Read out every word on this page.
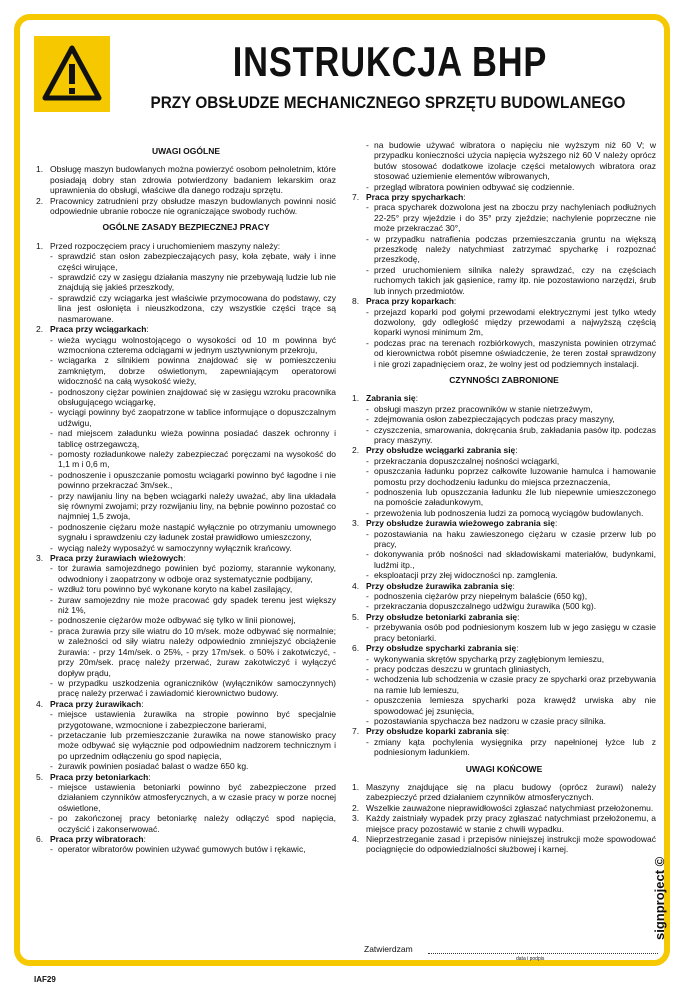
INSTRUKCJA BHP
PRZY OBSŁUDZE MECHANICZNEGO SPRZĘTU BUDOWLANEGO
UWAGI OGÓLNE
1. Obsługę maszyn budowlanych można powierzyć osobom pełnoletnim, które posiadają dobry stan zdrowia potwierdzony badaniem lekarskim oraz uprawnienia do obsługi, właściwe dla danego rodzaju sprzętu.
2. Pracownicy zatrudnieni przy obsłudze maszyn budowlanych powinni nosić odpowiednie ubranie robocze nie ograniczające swobody ruchów.
OGÓLNE ZASADY BEZPIECZNEJ PRACY
1. Przed rozpoczęciem pracy i uruchomieniem maszyny należy:
- sprawdzić stan osłon zabezpieczających pasy, koła zębate, wały i inne części wirujące,
- sprawdzić czy w zasięgu działania maszyny nie przebywają ludzie lub nie znajdują się jakieś przeszkody,
- sprawdzić czy wciągarka jest właściwie przymocowana do podstawy, czy lina jest osłonięta i nieuszkodzona, czy wszystkie części trące są nasmarowane.
2. Praca przy wciągarkach:
- wieża wyciągu wolnostojącego o wysokości od 10 m powinna być wzmocniona czterema odciągami w jednym usztywnionym przekroju,
- wciągarka z silnikiem powinna znajdować się w pomieszczeniu zamkniętym, dobrze oświetlonym, zapewniającym operatorowi widoczność na całą wysokość wieży,
- podnoszony ciężar powinien znajdować się w zasięgu wzroku pracownika obsługującego wciągarkę,
- wyciągi powinny być zaopatrzone w tablice informujące o dopuszczalnym udźwigu,
- nad miejscem załadunku wieża powinna posiadać daszek ochronny i tablicę ostrzegawczą,
- pomosty rozładunkowe należy zabezpieczać poręczami na wysokość do 1,1 m i 0,6 m,
- podnoszenie i opuszczanie pomostu wciągarki powinno być łagodne i nie powinno przekraczać 3m/sek.,
- przy nawijaniu liny na bęben wciągarki należy uważać, aby lina układała się równymi zwojami; przy rozwijaniu liny, na bębnie powinno pozostać co najmniej 1,5 zwoja,
- podnoszenie ciężaru może nastąpić wyłącznie po otrzymaniu umownego sygnału i sprawdzeniu czy ładunek został prawidłowo umieszczony,
- wyciąg należy wyposażyć w samoczynny wyłącznik krańcowy.
3. Praca przy żurawiach wieżowych:
- tor żurawia samojezdnego powinien być poziomy, starannie wykonany, odwodniony i zaopatrzony w odboje oraz systematycznie podbijany,
- wzdłuż toru powinno być wykonane koryto na kabel zasilający,
- żuraw samojezdny nie może pracować gdy spadek terenu jest większy niż 1%,
- podnoszenie ciężarów może odbywać się tylko w linii pionowej,
- praca żurawia przy sile wiatru do 10 m/sek. może odbywać się normalnie; w zależności od siły wiatru należy odpowiednio zmniejszyć obciążenie żurawia: - przy 14m/sek. o 25%, - przy 17m/sek. o 50% i zakotwiczyć, - przy 20m/sek. pracę należy przerwać, żuraw zakotwiczyć i wyłączyć dopływ prądu,
- w przypadku uszkodzenia ograniczników (wyłączników samoczynnych) pracę należy przerwać i zawiadomić kierownictwo budowy.
4. Praca przy żurawikach:
- miejsce ustawienia żurawika na stropie powinno być specjalnie przygotowane, wzmocnione i zabezpieczone barierami,
- przetaczanie lub przemieszczanie żurawika na nowe stanowisko pracy może odbywać się wyłącznie pod odpowiednim nadzorem technicznym i po uprzednim odłączeniu go spod napięcia,
- żurawik powinien posiadać balast o wadze 650 kg.
5. Praca przy betoniarkach:
- miejsce ustawienia betoniarki powinno być zabezpieczone przed działaniem czynników atmosferycznych, a w czasie pracy w porze nocnej oświetlone,
- po zakończonej pracy betoniarkę należy odłączyć spod napięcia, oczyścić i zakonserwować.
6. Praca przy wibratorach:
- operator wibratorów powinien używać gumowych butów i rękawic,
- na budowie używać wibratora o napięciu nie wyższym niż 60 V; w przypadku konieczności użycia napięcia wyższego niż 60 V należy oprócz butów stosować dodatkowe izolacje części metalowych wibratora oraz stosować uziemienie elementów wibrowanych,
- przegląd wibratora powinien odbywać się codziennie.
7. Praca przy spycharkach:
- praca spycharek dozwolona jest na zboczu przy nachyleniach podłużnych 22-25° przy wjeździe i do 35° przy zjeździe; nachylenie poprzeczne nie może przekraczać 30°,
- w przypadku natrafienia podczas przemieszczania gruntu na większą przeszkodę należy natychmiast zatrzymać spycharkę i rozpoznać przeszkodę,
- przed uruchomieniem silnika należy sprawdzać, czy na częściach ruchomych takich jak gąsienice, ramy itp. nie pozostawiono narzędzi, śrub lub innych przedmiotów.
8. Praca przy koparkach:
- przejazd koparki pod gołymi przewodami elektrycznymi jest tylko wtedy dozwolony, gdy odległość między przewodami a najwyższą częścią koparki wynosi minimum 2m,
- podczas prac na terenach rozbiórkowych, maszynista powinien otrzymać od kierownictwa robót pisemne oświadczenie, że teren został sprawdzony i nie grozi zapadnięciem oraz, że wolny jest od podziemnych instalacji.
CZYNNOŚCI ZABRONIONE
1. Zabrania się:
- obsługi maszyn przez pracowników w stanie nietrzeźwym,
- zdejmowania osłon zabezpieczających podczas pracy maszyny,
- czyszczenia, smarowania, dokręcania śrub, zakładania pasów itp. podczas pracy maszyny.
2. Przy obsłudze wciągarki zabrania się:
- przekraczania dopuszczalnej nośności wciągarki,
- opuszczania ładunku poprzez całkowite luzowanie hamulca i hamowanie pomostu przy dochodzeniu ładunku do miejsca przeznaczenia,
- podnoszenia lub opuszczania ładunku źle lub niepewnie umieszczonego na pomoście załadunkowym,
- przewożenia lub podnoszenia ludzi za pomocą wyciągów budowlanych.
3. Przy obsłudze żurawia wieżowego zabrania się:
- pozostawiania na haku zawieszonego ciężaru w czasie przerw lub po pracy,
- dokonywania prób nośności nad składowiskami materiałów, budynkami, ludźmi itp.,
- eksploatacji przy złej widoczności np. zamglenia.
4. Przy obsłudze żurawika zabrania się:
- podnoszenia ciężarów przy niepełnym balaście (650 kg),
- przekraczania dopuszczalnego udźwigu żurawika (500 kg).
5. Przy obsłudze betoniarki zabrania się:
- przebywania osób pod podniesionym koszem lub w jego zasięgu w czasie pracy betoniarki.
6. Przy obsłudze spycharki zabrania się:
- wykonywania skrętów spycharką przy zagłębionym lemieszu,
- pracy podczas deszczu w gruntach gliniastych,
- wchodzenia lub schodzenia w czasie pracy ze spycharki oraz przebywania na ramie lub lemieszu,
- opuszczenia lemiesza spycharki poza krawędź urwiska aby nie spowodować jej zsunięcia,
- pozostawiania spychacza bez nadzoru w czasie pracy silnika.
7. Przy obsłudze koparki zabrania się:
- zmiany kąta pochylenia wysięgnika przy napełnionej łyżce lub z podniesionym ładunkiem.
UWAGI KOŃCOWE
1. Maszyny znajdujące się na placu budowy (oprócz żurawi) należy zabezpieczyć przed działaniem czynników atmosferycznych.
2. Wszelkie zauważone nieprawidłowości zgłaszać natychmiast przełożonemu.
3. Każdy zaistniały wypadek przy pracy zgłaszać natychmiast przełożonemu, a miejsce pracy pozostawić w stanie z chwili wypadku.
4. Nieprzestrzeganie zasad i przepisów niniejszej instrukcji może spowodować pociągnięcie do odpowiedzialności służbowej i karnej.
Zatwierdzam
data i podpis
IAF29
signproject ©
